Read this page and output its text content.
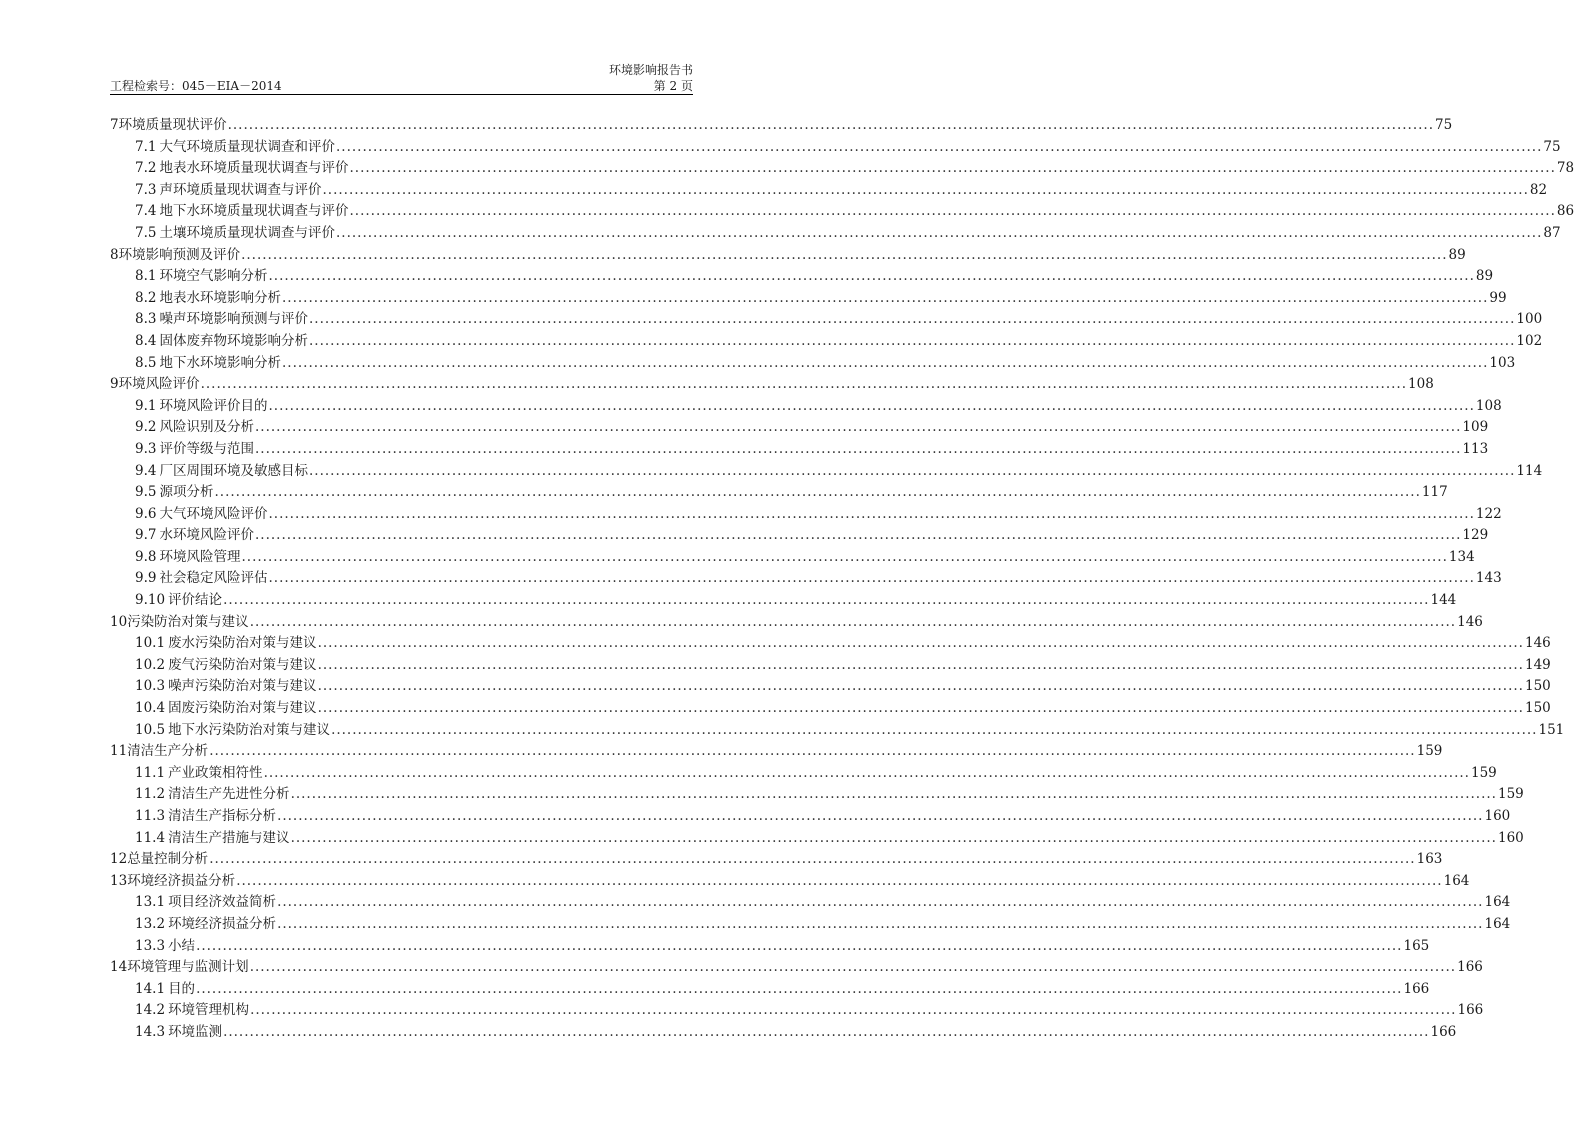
环境影响报告书
第 2 页
工程检索号：045－EIA－2014
7 环境质量现状评价 .................................................................................................................................................................................................................................... 75
7.1 大气环境质量现状调查和评价 .................................................................................................................................................................................................................................... 75
7.2 地表水环境质量现状调查与评价 .................................................................................................................................................................................................................................... 78
7.3 声环境质量现状调查与评价 .................................................................................................................................................................................................................................... 82
7.4 地下水环境质量现状调查与评价 .................................................................................................................................................................................................................................... 86
7.5 土壤环境质量现状调查与评价 .................................................................................................................................................................................................................................... 87
8 环境影响预测及评价 .................................................................................................................................................................................................................................... 89
8.1 环境空气影响分析 .................................................................................................................................................................................................................................... 89
8.2 地表水环境影响分析 .................................................................................................................................................................................................................................... 99
8.3 噪声环境影响预测与评价 .................................................................................................................................................................................................................................... 100
8.4 固体废弃物环境影响分析 .................................................................................................................................................................................................................................... 102
8.5 地下水环境影响分析 .................................................................................................................................................................................................................................... 103
9 环境风险评价 .................................................................................................................................................................................................................................... 108
9.1 环境风险评价目的 .................................................................................................................................................................................................................................... 108
9.2 风险识别及分析 .................................................................................................................................................................................................................................... 109
9.3 评价等级与范围 .................................................................................................................................................................................................................................... 113
9.4 厂区周围环境及敏感目标 .................................................................................................................................................................................................................................... 114
9.5 源项分析 .................................................................................................................................................................................................................................... 117
9.6 大气环境风险评价 .................................................................................................................................................................................................................................... 122
9.7 水环境风险评价 .................................................................................................................................................................................................................................... 129
9.8 环境风险管理 .................................................................................................................................................................................................................................... 134
9.9 社会稳定风险评估 .................................................................................................................................................................................................................................... 143
9.10 评价结论 .................................................................................................................................................................................................................................... 144
10 污染防治对策与建议 .................................................................................................................................................................................................................................... 146
10.1 废水污染防治对策与建议 .................................................................................................................................................................................................................................... 146
10.2 废气污染防治对策与建议 .................................................................................................................................................................................................................................... 149
10.3 噪声污染防治对策与建议 .................................................................................................................................................................................................................................... 150
10.4 固废污染防治对策与建议 .................................................................................................................................................................................................................................... 150
10.5 地下水污染防治对策与建议 .................................................................................................................................................................................................................................... 151
11 清洁生产分析 .................................................................................................................................................................................................................................... 159
11.1 产业政策相符性 .................................................................................................................................................................................................................................... 159
11.2 清洁生产先进性分析 .................................................................................................................................................................................................................................... 159
11.3 清洁生产指标分析 .................................................................................................................................................................................................................................... 160
11.4 清洁生产措施与建议 .................................................................................................................................................................................................................................... 160
12 总量控制分析 .................................................................................................................................................................................................................................... 163
13 环境经济损益分析 .................................................................................................................................................................................................................................... 164
13.1 项目经济效益简析 .................................................................................................................................................................................................................................... 164
13.2 环境经济损益分析 .................................................................................................................................................................................................................................... 164
13.3 小结 .................................................................................................................................................................................................................................... 165
14 环境管理与监测计划 .................................................................................................................................................................................................................................... 166
14.1 目的 .................................................................................................................................................................................................................................... 166
14.2 环境管理机构 .................................................................................................................................................................................................................................... 166
14.3 环境监测 .................................................................................................................................................................................................................................... 166
